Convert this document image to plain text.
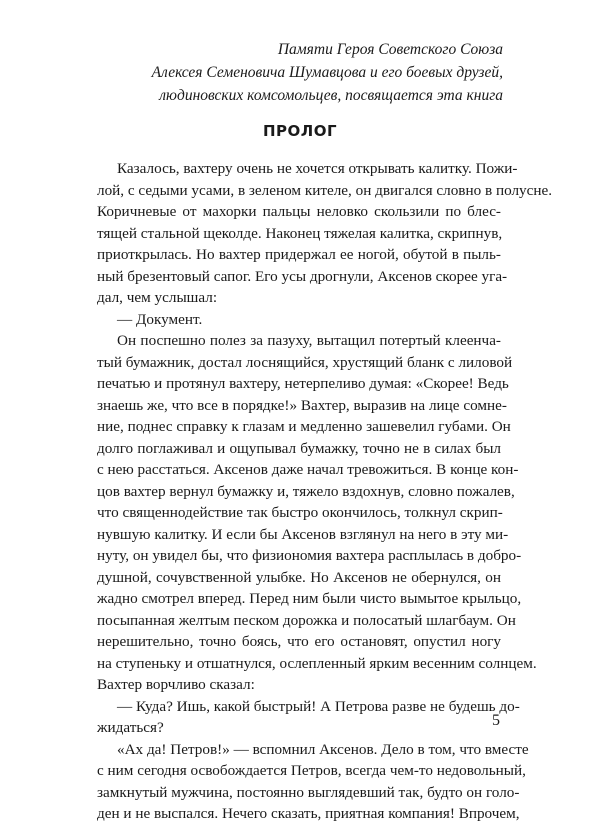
Памяти Героя Советского Союза
Алексея Семеновича Шумавцова и его боевых друзей,
людиновских комсомольцев, посвящается эта книга
ПРОЛОГ
Казалось, вахтеру очень не хочется открывать калитку. Пожи-
лой, с седыми усами, в зеленом кителе, он двигался словно в полусне.
Коричневые от махорки пальцы неловко скользили по блес-
тящей стальной щеколде. Наконец тяжелая калитка, скрипнув,
приоткрылась. Но вахтер придержал ее ногой, обутой в пыль-
ный брезентовый сапог. Его усы дрогнули, Аксенов скорее уга-
дал, чем услышал:
— Документ.
Он поспешно полез за пазуху, вытащил потертый клеенча-
тый бумажник, достал лоснящийся, хрустящий бланк с лиловой
печатью и протянул вахтеру, нетерпеливо думая: «Скорее! Ведь
знаешь же, что все в порядке!» Вахтер, выразив на лице сомне-
ние, поднес справку к глазам и медленно зашевелил губами. Он
долго поглаживал и ощупывал бумажку, точно не в силах был
с нею расстаться. Аксенов даже начал тревожиться. В конце кон-
цов вахтер вернул бумажку и, тяжело вздохнув, словно пожалев,
что священнодействие так быстро окончилось, толкнул скрип-
нувшую калитку. И если бы Аксенов взглянул на него в эту ми-
нуту, он увидел бы, что физиономия вахтера расплылась в добро-
душной, сочувственной улыбке. Но Аксенов не обернулся, он
жадно смотрел вперед. Перед ним были чисто вымытое крыльцо,
посыпанная желтым песком дорожка и полосатый шлагбаум. Он
нерешительно, точно боясь, что его остановят, опустил ногу
на ступеньку и отшатнулся, ослепленный ярким весенним солнцем.
Вахтер ворчливо сказал:
— Куда? Ишь, какой быстрый! А Петрова разве не будешь до-
жидаться?
«Ах да! Петров!» — вспомнил Аксенов. Дело в том, что вместе
с ним сегодня освобождается Петров, всегда чем-то недовольный,
замкнутый мужчина, постоянно выглядевший так, будто он голо-
ден и не выспался. Нечего сказать, приятная компания! Впрочем,
5
